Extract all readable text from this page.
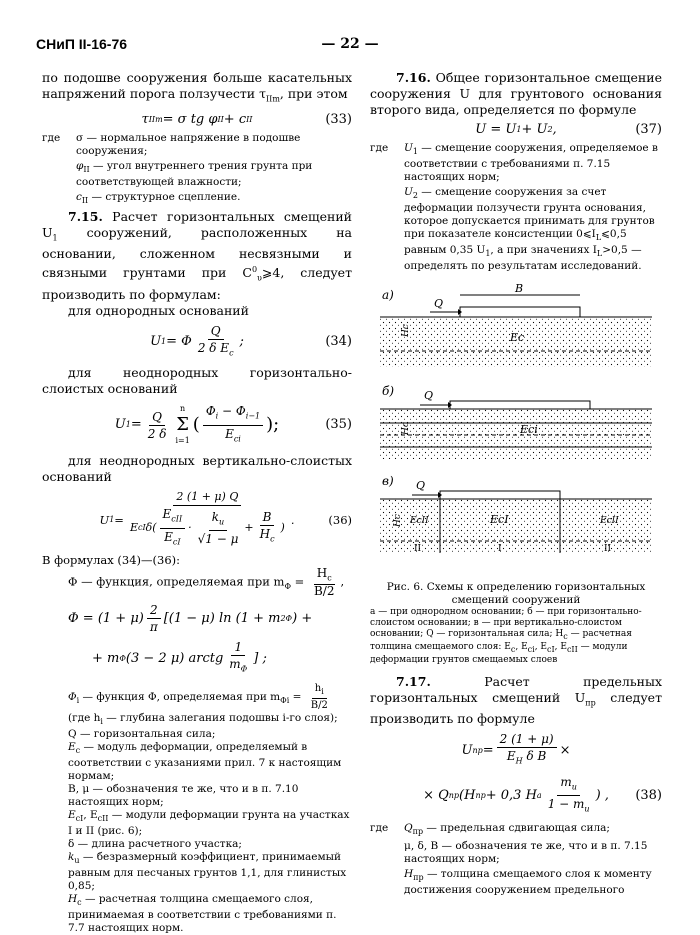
СНиП II-16-76
—	22 —

по подошве сооружения больше касательных напряжений порога ползучести $\tau_{IIm}$, при этом

τ IIm = σ tg φ II + c II	(33)
где	σ — нормальное напряжение в подошве сооружения;
$\varphi_{II}$ — угол внутреннего трения грунта при соответствующей влажности;
$c_{II}$ — структурное сцепление.

7.15. Расчет горизонтальных смещений $U_1$ сооружений, расположенных на основании, сложенном несвязными и связными грунтами при $C^0_\upsilon⩾4$, следует производить по формулам:

для однородных оснований

U 1 = Φ $\frac{Q}{2 \delta E_c}$ ;	(34)

для неоднородных горизонтально-слоистых оснований

U $1 = \frac{Q}{2 \delta}$ n
Σ
i=1
( $\frac{\Phi_i - \Phi_{i-1}}{E_{ci}}$ );	(35)

для неоднородных вертикально-слоистых оснований

U $1 = \frac{2 (1 + \mu) Q}{E cI \delta ( \frac{E_{cII}}{E_{cI}} \cdot \frac{k_u}{√1 - \mu} + \frac{B}{H_c} )}$ .	(36)

В формулах (34)—(36):

Φ — функция, определяемая при $m_\Phi = \frac{H_c}{B/2}$ ,
$\Phi = (1 + \mu) \frac{2}{\pi} [(1 - \mu)$ ln (1 + m 2 Φ ) +
+ m Φ (3 − 2 μ) arctg $\frac{1}{m_\Phi}$ ] ;
$\Phi_i$ — функция Φ, определяемая при $m_{\Phi i} = \frac{h_i}{B/2}$
(где $h_i$ — глубина залегания подошвы i-го слоя);
Q — горизонтальная сила;
$E_c$ — модуль деформации, определяемый в соответствии с указаниями прил. 7 к настоящим нормам;
B, μ — обозначения те же, что и в п. 7.10 настоящих норм;
$E_{cI}$, $E_{cII}$ — модули деформации грунта на участках I и II (рис. 6);
δ — длина расчетного участка;
$k_u$ — безразмерный коэффициент, принимаемый равным для песчаных грунтов 1,1, для глинистых 0,85;
$H_c$ — расчетная толщина смещаемого слоя, принимаемая в соответствии с требованиями п. 7.7 настоящих норм.

7.16. Общее горизонтальное смещение сооружения U для грунтового основания второго вида, определяется по формуле

U = U 1 + U 2 ,	(37)
где	$U_1$ — смещение сооружения, определяемое в соответствии с требованиями п. 7.15 настоящих норм;
$U_2$ — смещение сооружения за счет деформации ползучести грунта основания, которое допускается принимать для грунтов при показателе консистенции $0⩽I_L⩽0,5$ равным 0,35 $U_1$, а при значениях $I_L>0,5$ — определять по результатам исследований.
а)
Q
B
Hc
Ec
б)	Q
Hc	Eci
в) Q
Hc EcII	EcI	EcII
II	I	II
Рис. 6. Схемы к определению горизонтальных смещений сооружений
а — при однородном основании; б — при горизонтально-слоистом основании; в — при вертикально-слоистом основании; Q — горизонтальная сила; Hc — расчетная толщина смещаемого слоя: Ec, Eci, EcI, EcII — модули деформации грунтов смещаемых слоев

7.17. Расчет предельных горизонтальных смещений $U_{пр}$ следует производить по формуле

U пр = $\frac{2 (1 + \mu)}{E_H \delta B}$ ×
× Q пр (H пр + 0,3 H a $\frac{m_u}{1 - m_u}$ ) , (38)
где	$Q_{пр}$ — предельная сдвигающая сила;
μ, δ, B — обозначения те же, что и в п. 7.15 настоящих норм;
$H_{пр}$ — толщина смещаемого слоя к моменту достижения сооружением предельного
